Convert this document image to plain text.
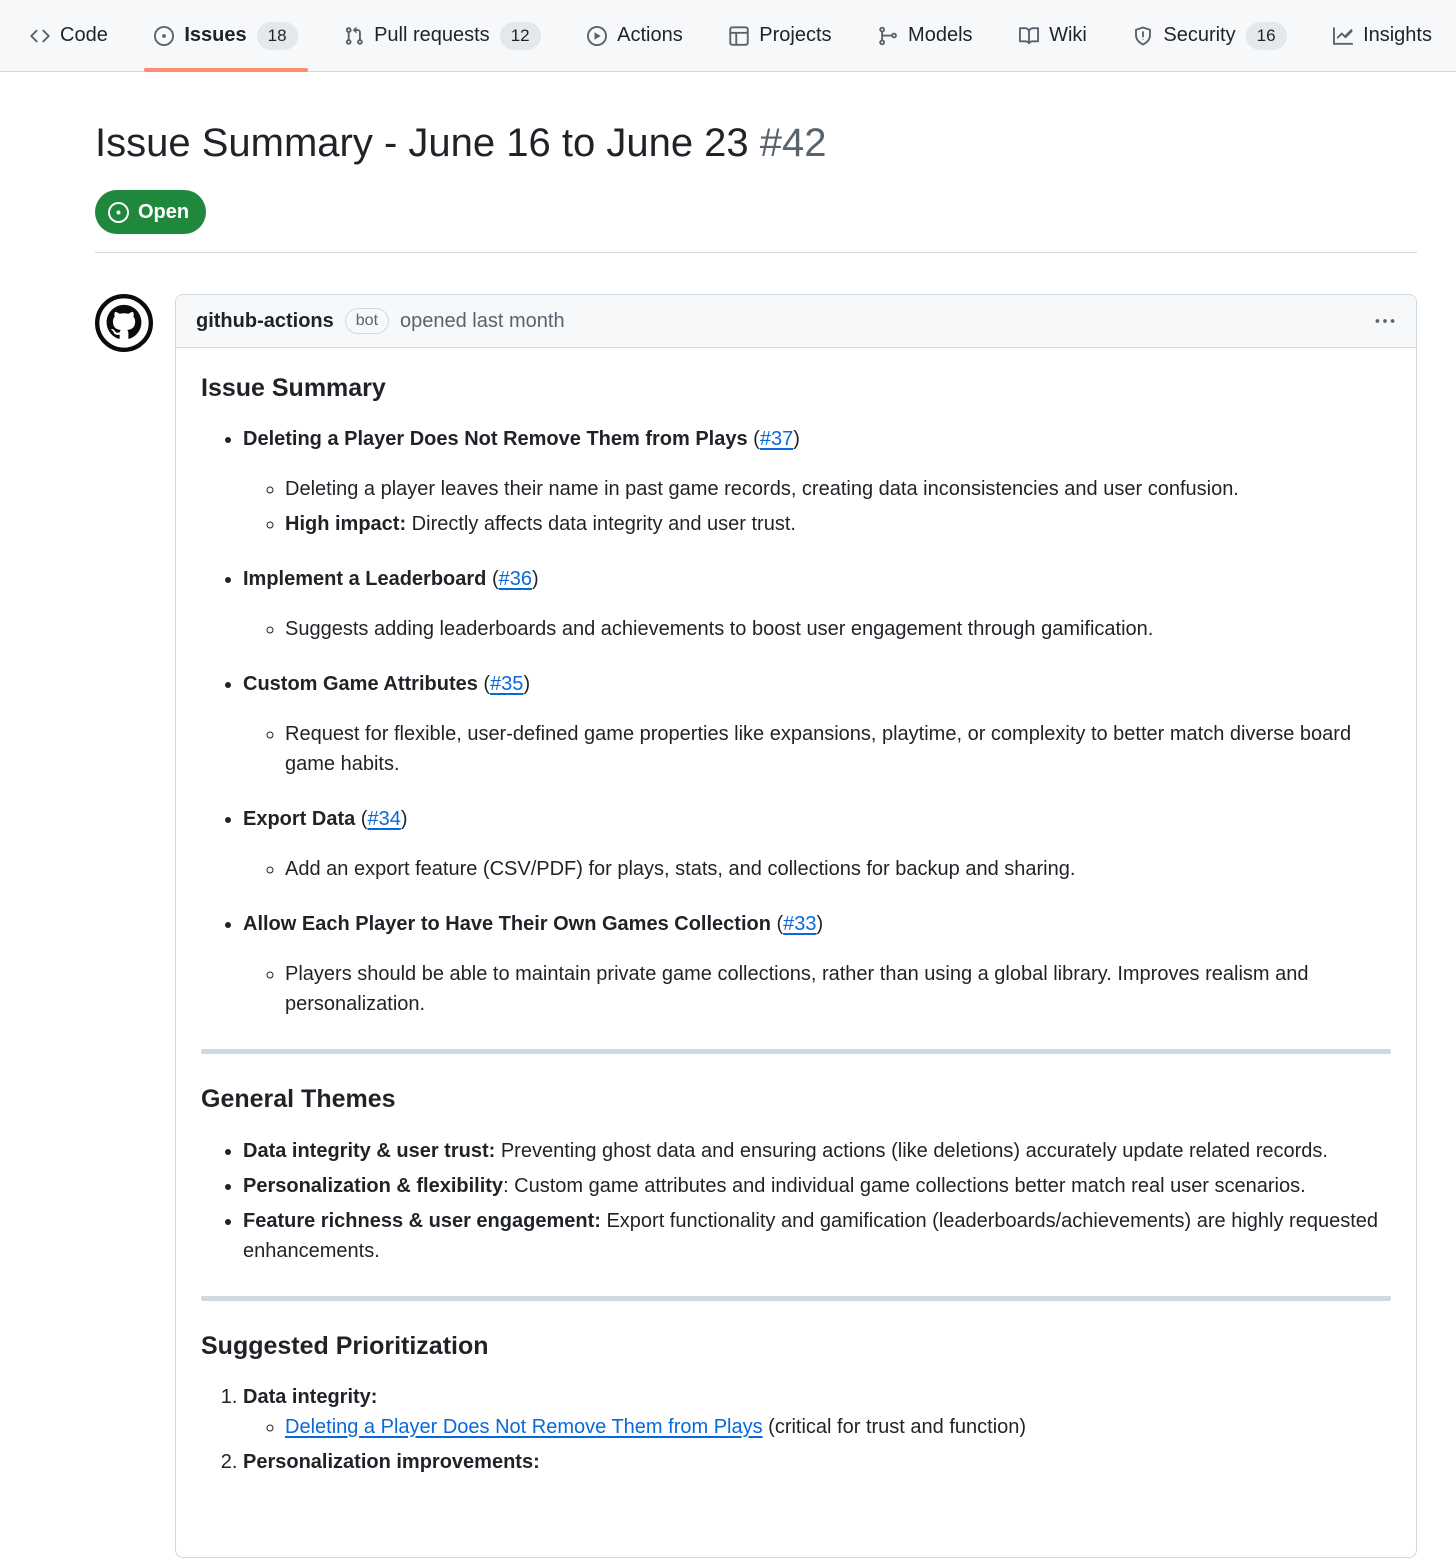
Code	Issues	18	Pull requests	12	Actions	Projects	Models	Wiki	Security	16	Insights
Issue Summary - June 16 to June 23 #42
Open
github-actions	bot	opened last month
Issue Summary
• Deleting a Player Does Not Remove Them from Plays (#37)
◦ Deleting a player leaves their name in past game records, creating data inconsistencies and user confusion.
◦ High impact: Directly affects data integrity and user trust.
• Implement a Leaderboard (#36)
◦ Suggests adding leaderboards and achievements to boost user engagement through gamification.
• Custom Game Attributes (#35)
◦ Request for flexible, user-defined game properties like expansions, playtime, or complexity to better match diverse board game habits.
• Export Data (#34)
◦ Add an export feature (CSV/PDF) for plays, stats, and collections for backup and sharing.
• Allow Each Player to Have Their Own Games Collection (#33)
◦ Players should be able to maintain private game collections, rather than using a global library. Improves realism and personalization.
General Themes
• Data integrity & user trust: Preventing ghost data and ensuring actions (like deletions) accurately update related records.
• Personalization & flexibility: Custom game attributes and individual game collections better match real user scenarios.
• Feature richness & user engagement: Export functionality and gamification (leaderboards/achievements) are highly requested enhancements.
Suggested Prioritization
1. Data integrity:
◦ Deleting a Player Does Not Remove Them from Plays (critical for trust and function)
2. Personalization improvements:
